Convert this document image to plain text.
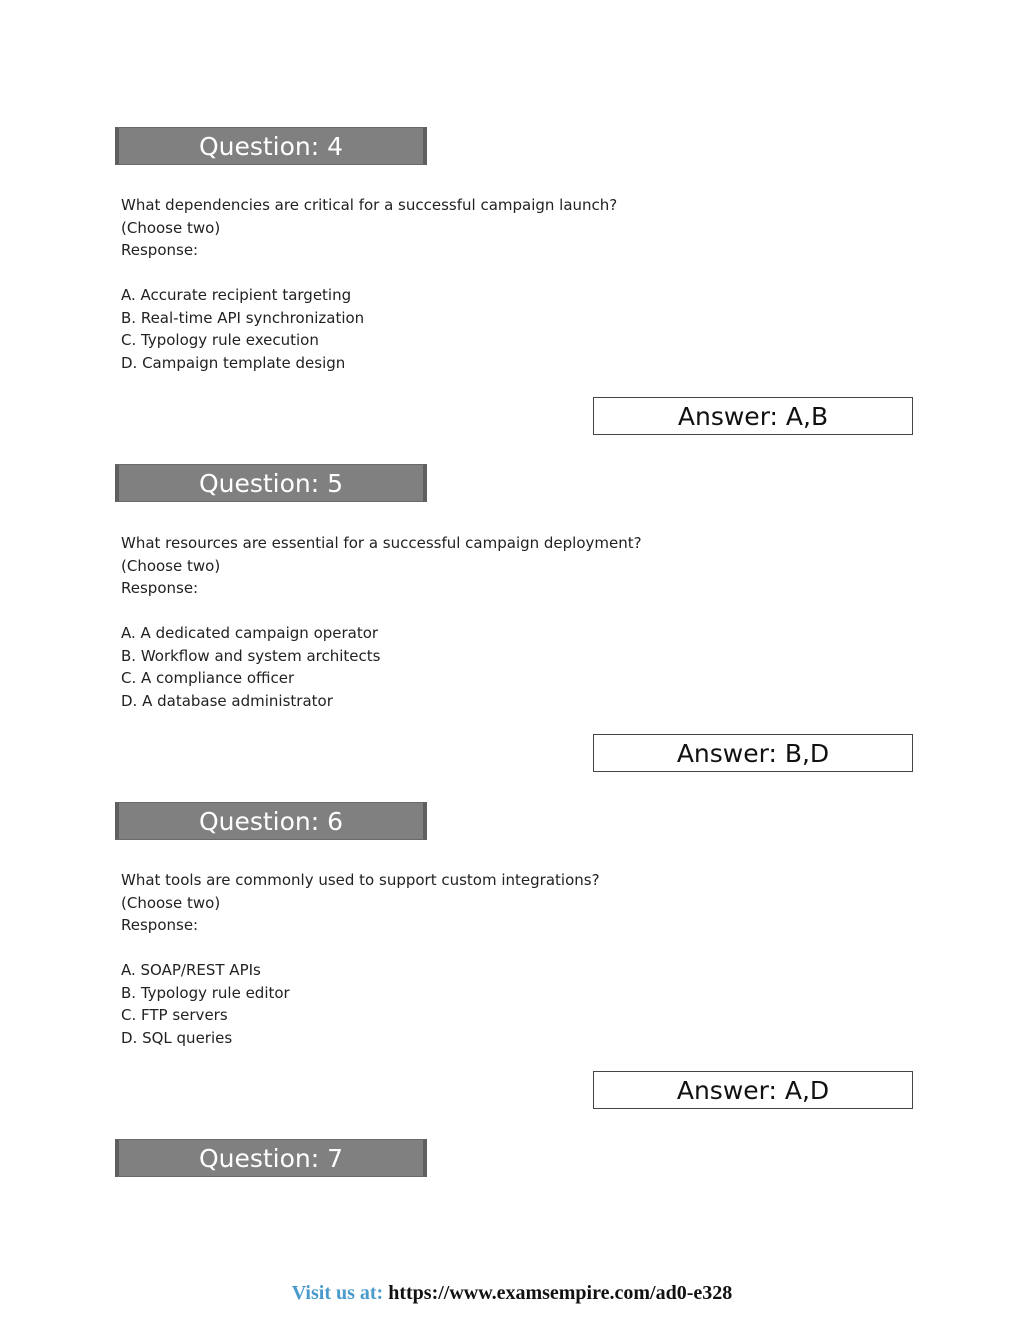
Question: 4
What dependencies are critical for a successful campaign launch?
(Choose two)
Response:
A. Accurate recipient targeting
B. Real-time API synchronization
C. Typology rule execution
D. Campaign template design
Answer: A,B
Question: 5
What resources are essential for a successful campaign deployment?
(Choose two)
Response:
A. A dedicated campaign operator
B. Workflow and system architects
C. A compliance officer
D. A database administrator
Answer: B,D
Question: 6
What tools are commonly used to support custom integrations?
(Choose two)
Response:
A. SOAP/REST APIs
B. Typology rule editor
C. FTP servers
D. SQL queries
Answer: A,D
Question: 7
Visit us at: https://www.examsempire.com/ad0-e328
